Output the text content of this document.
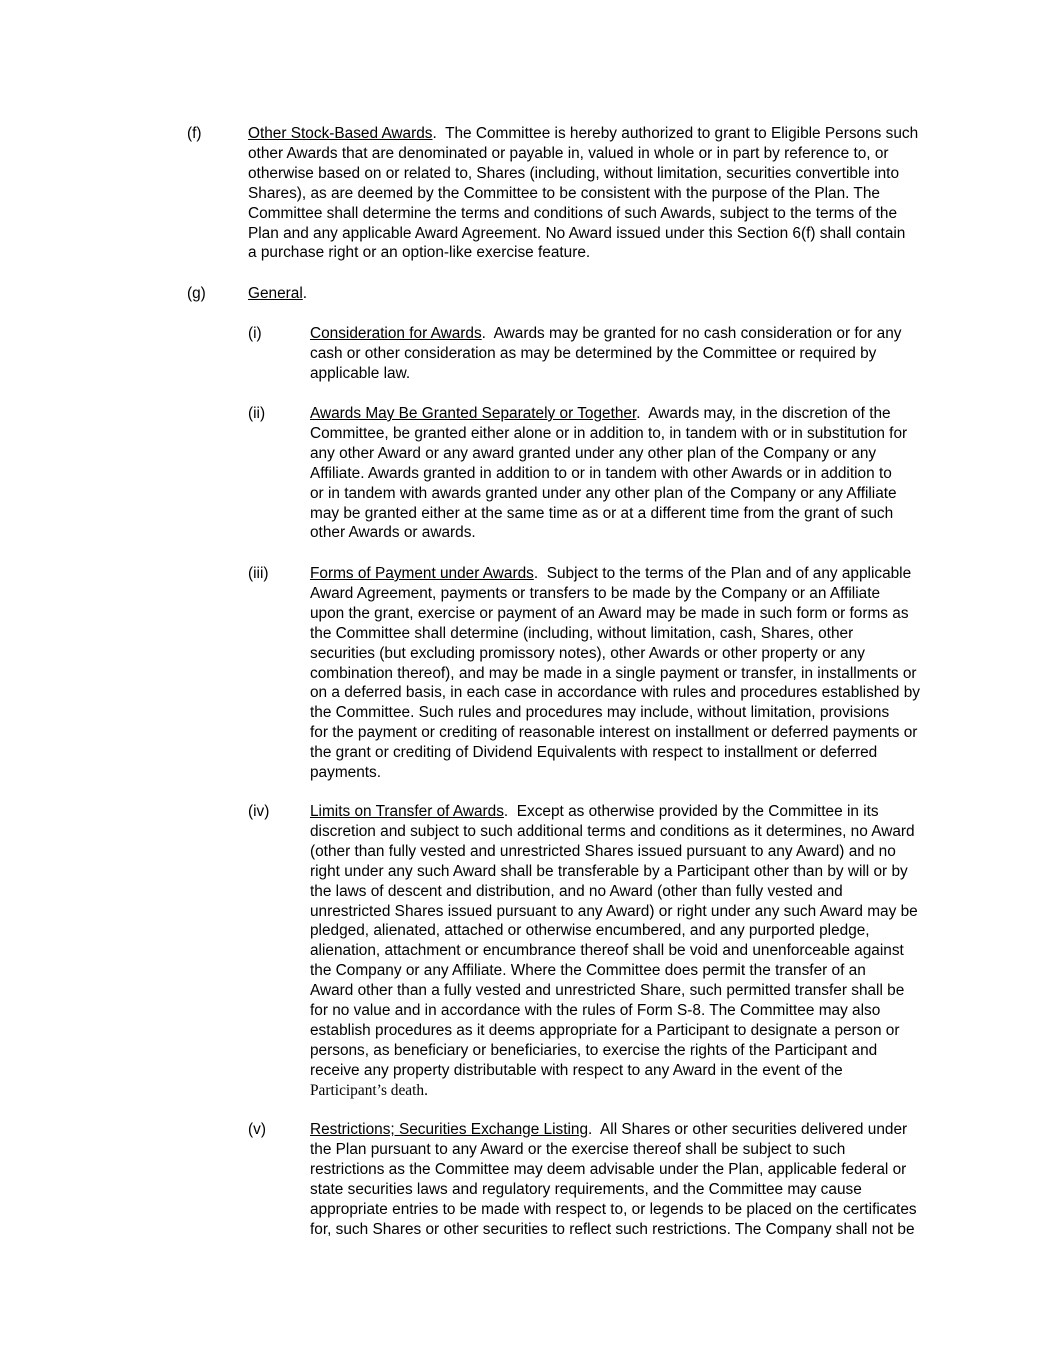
(f)	Other Stock-Based Awards. The Committee is hereby authorized to grant to Eligible Persons such
other Awards that are denominated or payable in, valued in whole or in part by reference to, or
otherwise based on or related to, Shares (including, without limitation, securities convertible into
Shares), as are deemed by the Committee to be consistent with the purpose of the Plan. The
Committee shall determine the terms and conditions of such Awards, subject to the terms of the
Plan and any applicable Award Agreement. No Award issued under this Section 6(f) shall contain
a purchase right or an option-like exercise feature.
(g)	General.
(i)	Consideration for Awards. Awards may be granted for no cash consideration or for any
cash or other consideration as may be determined by the Committee or required by
applicable law.
(ii)	Awards May Be Granted Separately or Together. Awards may, in the discretion of the
Committee, be granted either alone or in addition to, in tandem with or in substitution for
any other Award or any award granted under any other plan of the Company or any
Affiliate. Awards granted in addition to or in tandem with other Awards or in addition to
or in tandem with awards granted under any other plan of the Company or any Affiliate
may be granted either at the same time as or at a different time from the grant of such
other Awards or awards.
(iii)	Forms of Payment under Awards. Subject to the terms of the Plan and of any applicable
Award Agreement, payments or transfers to be made by the Company or an Affiliate
upon the grant, exercise or payment of an Award may be made in such form or forms as
the Committee shall determine (including, without limitation, cash, Shares, other
securities (but excluding promissory notes), other Awards or other property or any
combination thereof), and may be made in a single payment or transfer, in installments or
on a deferred basis, in each case in accordance with rules and procedures established by
the Committee. Such rules and procedures may include, without limitation, provisions
for the payment or crediting of reasonable interest on installment or deferred payments or
the grant or crediting of Dividend Equivalents with respect to installment or deferred
payments.
(iv)	Limits on Transfer of Awards. Except as otherwise provided by the Committee in its
discretion and subject to such additional terms and conditions as it determines, no Award
(other than fully vested and unrestricted Shares issued pursuant to any Award) and no
right under any such Award shall be transferable by a Participant other than by will or by
the laws of descent and distribution, and no Award (other than fully vested and
unrestricted Shares issued pursuant to any Award) or right under any such Award may be
pledged, alienated, attached or otherwise encumbered, and any purported pledge,
alienation, attachment or encumbrance thereof shall be void and unenforceable against
the Company or any Affiliate. Where the Committee does permit the transfer of an
Award other than a fully vested and unrestricted Share, such permitted transfer shall be
for no value and in accordance with the rules of Form S-8. The Committee may also
establish procedures as it deems appropriate for a Participant to designate a person or
persons, as beneficiary or beneficiaries, to exercise the rights of the Participant and
receive any property distributable with respect to any Award in the event of the
Participant’s death.
(v)	Restrictions; Securities Exchange Listing. All Shares or other securities delivered under
the Plan pursuant to any Award or the exercise thereof shall be subject to such
restrictions as the Committee may deem advisable under the Plan, applicable federal or
state securities laws and regulatory requirements, and the Committee may cause
appropriate entries to be made with respect to, or legends to be placed on the certificates
for, such Shares or other securities to reflect such restrictions. The Company shall not be
